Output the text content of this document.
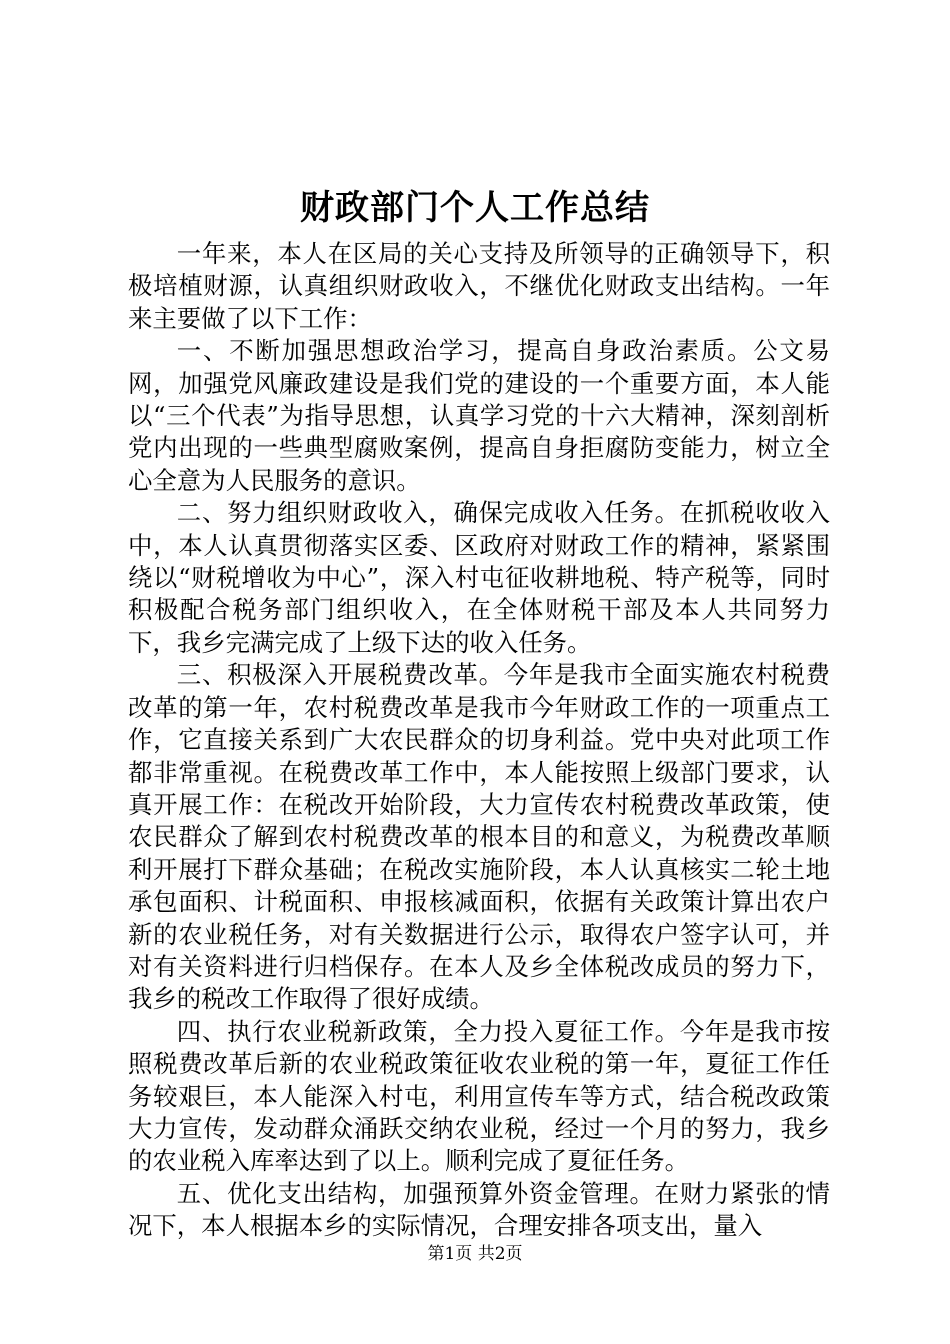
财政部门个人工作总结

一年来，本人在区局的关心支持及所领导的正确领导下，积极培植财源，认真组织财政收入，不继优化财政支出结构。一年来主要做了以下工作：

一、不断加强思想政治学习，提高自身政治素质。公文易网，加强党风廉政建设是我们党的建设的一个重要方面，本人能以“三个代表”为指导思想，认真学习党的十六大精神，深刻剖析党内出现的一些典型腐败案例，提高自身拒腐防变能力，树立全心全意为人民服务的意识。

二、努力组织财政收入，确保完成收入任务。在抓税收收入中，本人认真贯彻落实区委、区政府对财政工作的精神，紧紧围绕以“财税增收为中心”，深入村屯征收耕地税、特产税等，同时积极配合税务部门组织收入，在全体财税干部及本人共同努力下，我乡完满完成了上级下达的收入任务。

三、积极深入开展税费改革。今年是我市全面实施农村税费改革的第一年，农村税费改革是我市今年财政工作的一项重点工作，它直接关系到广大农民群众的切身利益。党中央对此项工作都非常重视。在税费改革工作中，本人能按照上级部门要求，认真开展工作：在税改开始阶段，大力宣传农村税费改革政策，使农民群众了解到农村税费改革的根本目的和意义，为税费改革顺利开展打下群众基础；在税改实施阶段，本人认真核实二轮土地承包面积、计税面积、申报核减面积，依据有关政策计算出农户新的农业税任务，对有关数据进行公示，取得农户签字认可，并对有关资料进行归档保存。在本人及乡全体税改成员的努力下，我乡的税改工作取得了很好成绩。

四、执行农业税新政策，全力投入夏征工作。今年是我市按照税费改革后新的农业税政策征收农业税的第一年，夏征工作任务较艰巨，本人能深入村屯，利用宣传车等方式，结合税改政策大力宣传，发动群众涌跃交纳农业税，经过一个月的努力，我乡的农业税入库率达到了以上。顺利完成了夏征任务。

五、优化支出结构，加强预算外资金管理。在财力紧张的情况下，本人根据本乡的实际情况，合理安排各项支出，量入

第1页 共2页
